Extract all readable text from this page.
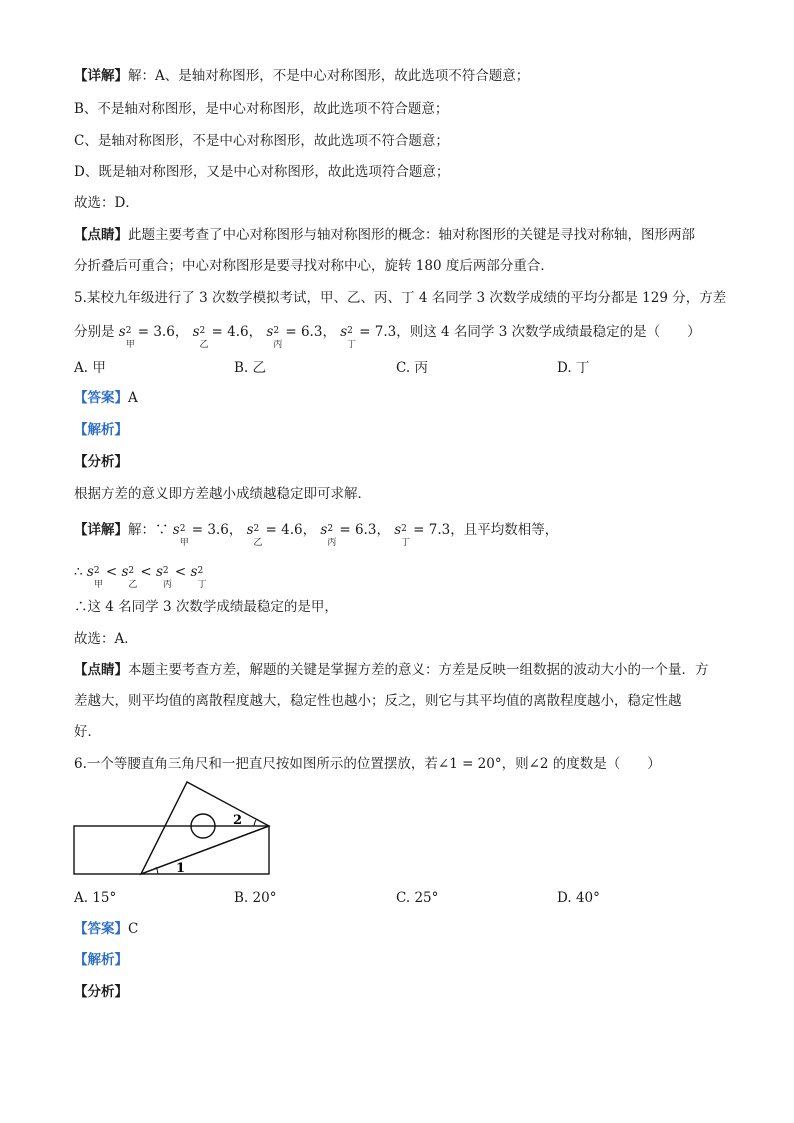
【详解】解：A、是轴对称图形，不是中心对称图形，故此选项不符合题意；
B、不是轴对称图形，是中心对称图形，故此选项不符合题意；
C、是轴对称图形，不是中心对称图形，故此选项不符合题意；
D、既是轴对称图形，又是中心对称图形，故此选项符合题意；
故选：D．
【点睛】此题主要考查了中心对称图形与轴对称图形的概念：轴对称图形的关键是寻找对称轴，图形两部
分折叠后可重合；中心对称图形是要寻找对称中心，旋转 180 度后两部分重合．
5.某校九年级进行了 3 次数学模拟考试，甲、乙、丙、丁 4 名同学 3 次数学成绩的平均分都是 129 分，方差
分别是 s 2
甲
= 3.6， s 2
乙
= 4.6， s 2
丙
= 6.3， s 2
丁
= 7.3，则这 4 名同学 3 次数学成绩最稳定的是（　　）
A. 甲	B. 乙	C. 丙	D. 丁
【答案】A
【解析】
【分析】
根据方差的意义即方差越小成绩越稳定即可求解．
【详解】解：∵ s 2
甲
= 3.6， s 2
乙
= 4.6， s 2
丙
= 6.3， s 2
丁
= 7.3，且平均数相等，
∴ s 2
甲
< s 2
乙
< s 2
丙
< s 2
丁
∴这 4 名同学 3 次数学成绩最稳定的是甲，
故选：A．
【点睛】本题主要考查方差，解题的关键是掌握方差的意义：方差是反映一组数据的波动大小的一个量．方
差越大，则平均值的离散程度越大，稳定性也越小；反之，则它与其平均值的离散程度越小，稳定性越
好．
6.一个等腰直角三角尺和一把直尺按如图所示的位置摆放，若∠1 = 20°，则∠2 的度数是（　　）
1
2
A. 15°	B. 20°	C. 25°	D. 40°
【答案】C
【解析】
【分析】
